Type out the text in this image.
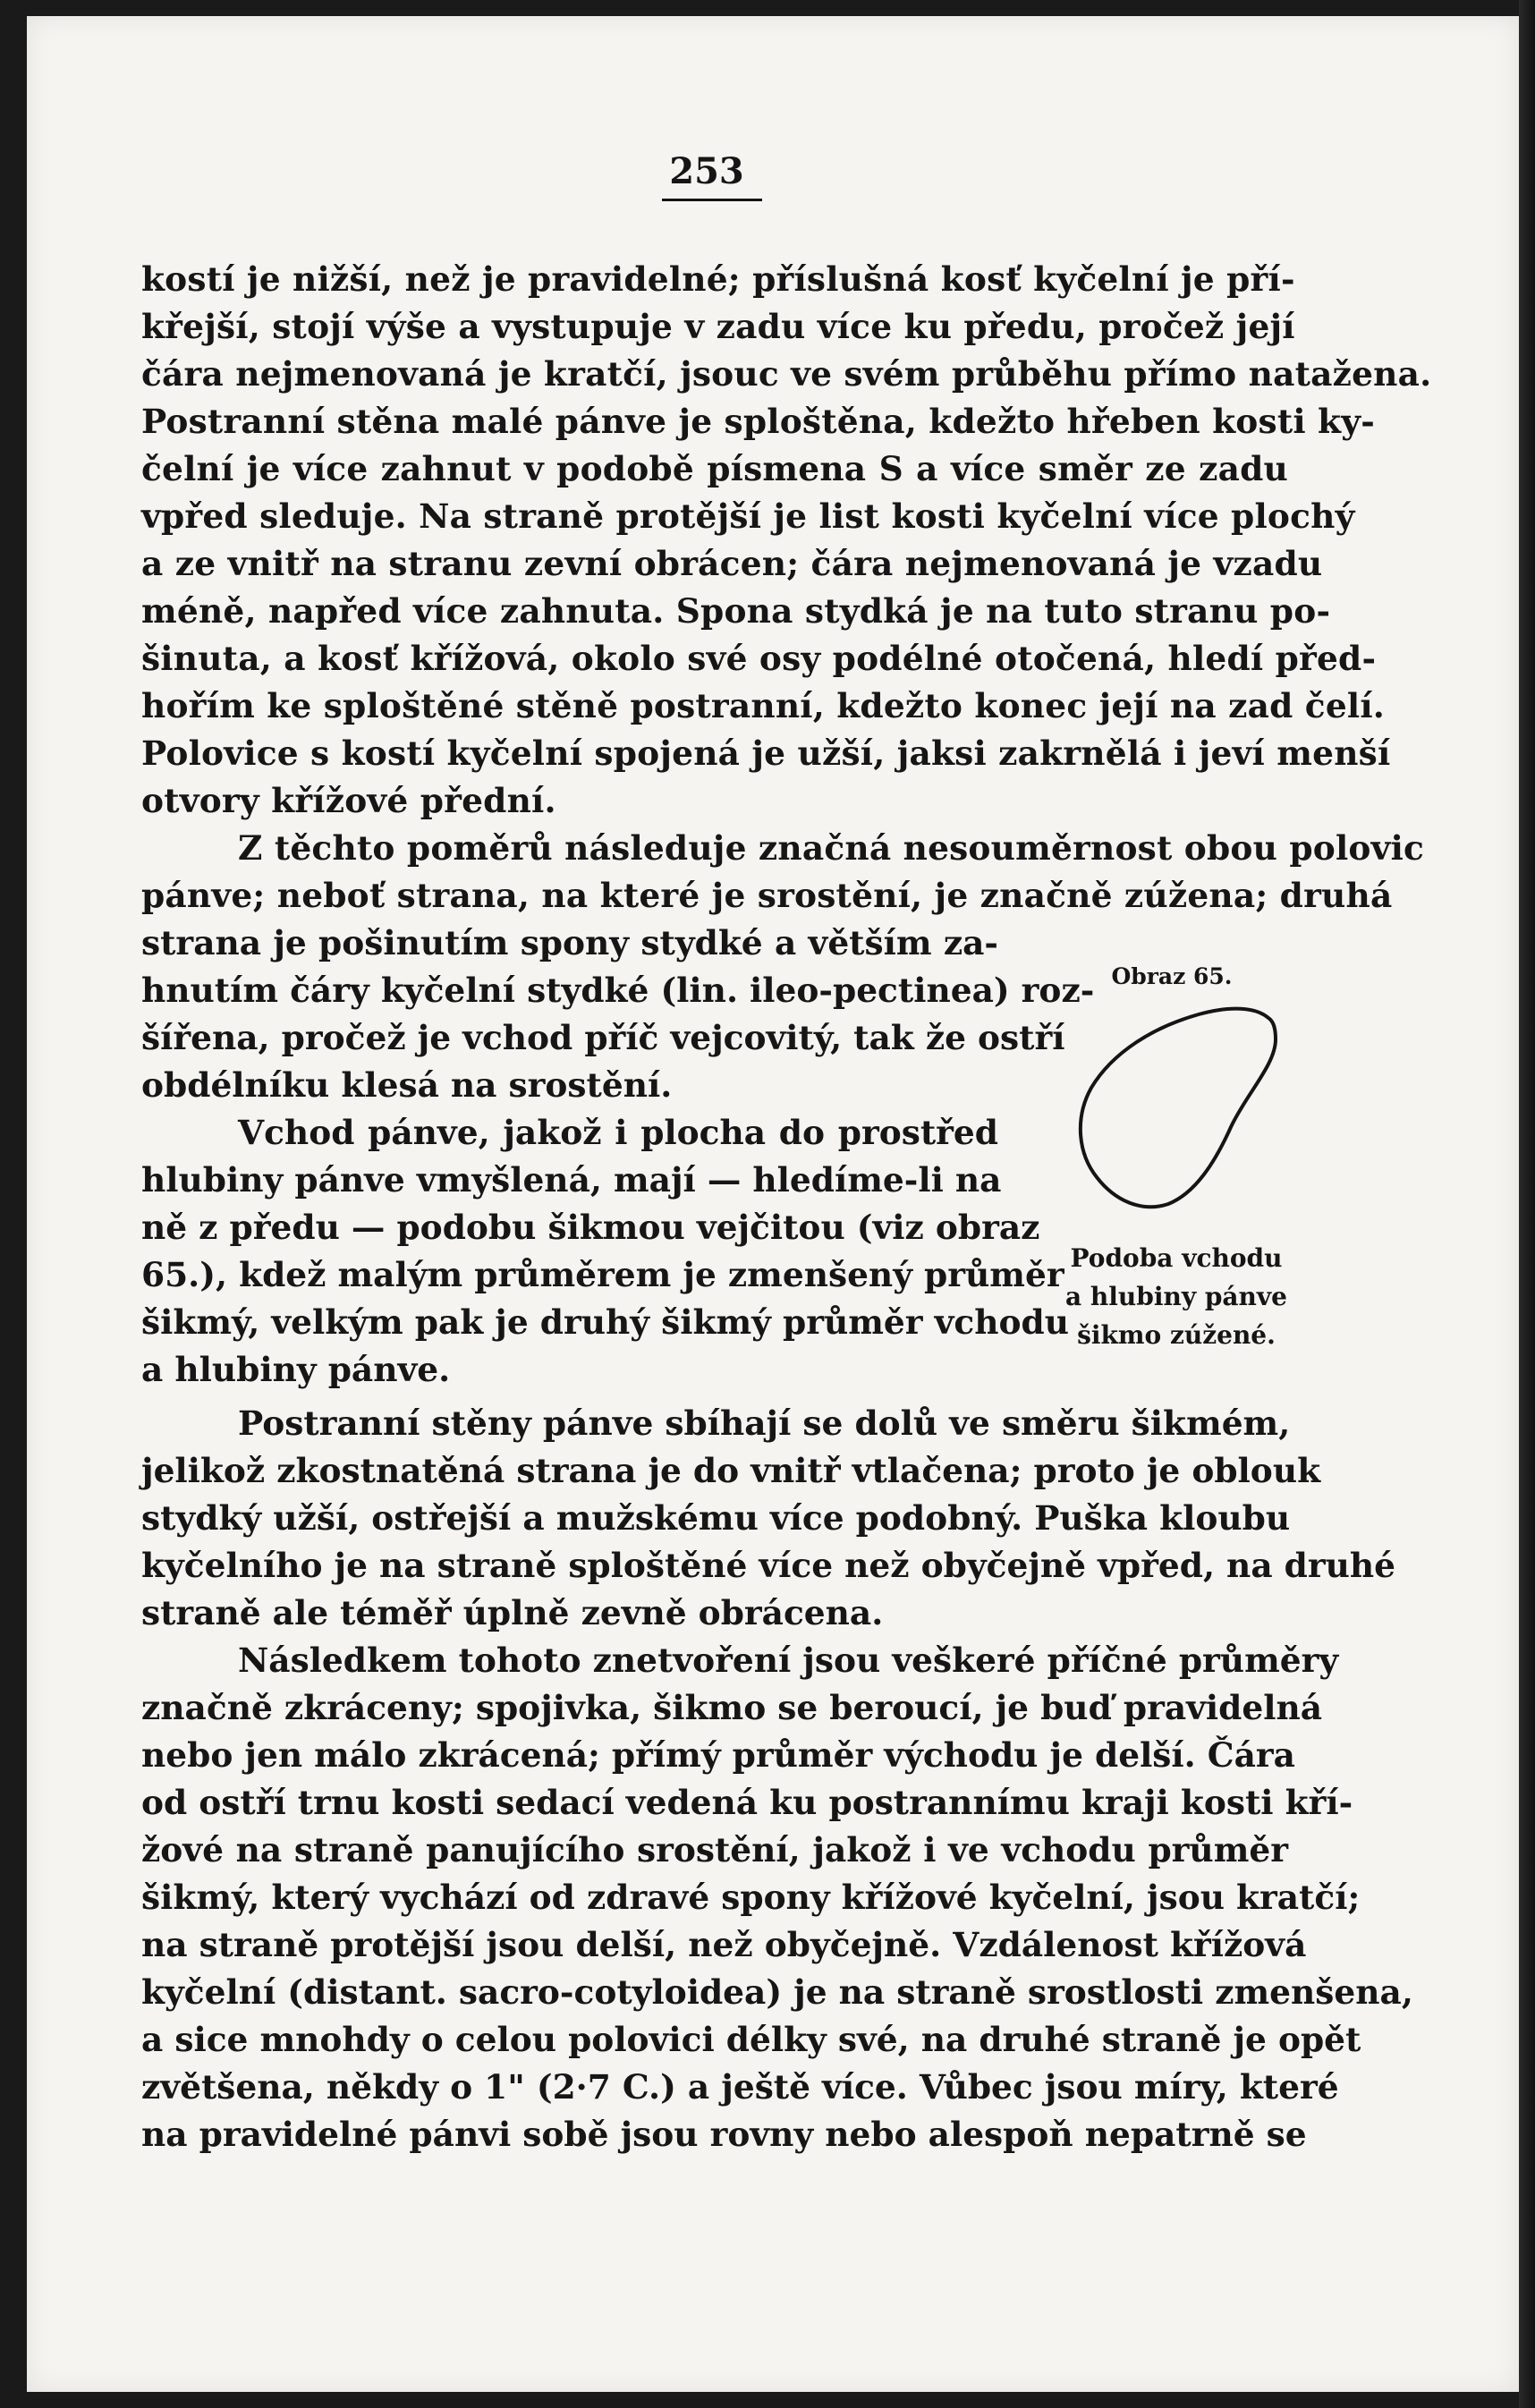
253
kostí je nižší, než je pravidelné; příslušná kosť kyčelní je pří-
křejší, stojí výše a vystupuje v zadu více ku předu, pročež její
čára nejmenovaná je kratčí, jsouc ve svém průběhu přímo natažena.
Postranní stěna malé pánve je sploštěna, kdežto hřeben kosti ky-
čelní je více zahnut v podobě písmena S a více směr ze zadu
vpřed sleduje. Na straně protější je list kosti kyčelní více plochý
a ze vnitř na stranu zevní obrácen; čára nejmenovaná je vzadu
méně, napřed více zahnuta. Spona stydká je na tuto stranu po-
šinuta, a kosť křížová, okolo své osy podélné otočená, hledí před-
hořím ke sploštěné stěně postranní, kdežto konec její na zad čelí.
Polovice s kostí kyčelní spojená je užší, jaksi zakrnělá i jeví menší
otvory křížové přední.
Z těchto poměrů následuje značná nesouměrnost obou polovic
pánve; neboť strana, na které je srostění, je značně zúžena; druhá
strana je pošinutím spony stydké a větším za-
hnutím čáry kyčelní stydké (lin. ileo-pectinea) roz-
šířena, pročež je vchod příč vejcovitý, tak že ostří
obdélníku klesá na srostění.
Vchod pánve, jakož i plocha do prostřed
hlubiny pánve vmyšlená, mají — hledíme-li na
ně z předu — podobu šikmou vejčitou (viz obraz
65.), kdež malým průměrem je zmenšený průměr
šikmý, velkým pak je druhý šikmý průměr vchodu
a hlubiny pánve.
Obraz 65.
Podoba vchodu
a hlubiny pánve
šikmo zúžené.
Postranní stěny pánve sbíhají se dolů ve směru šikmém,
jelikož zkostnatěná strana je do vnitř vtlačena; proto je oblouk
stydký užší, ostřejší a mužskému více podobný. Puška kloubu
kyčelního je na straně sploštěné více než obyčejně vpřed, na druhé
straně ale téměř úplně zevně obrácena.
Následkem tohoto znetvoření jsou veškeré příčné průměry
značně zkráceny; spojivka, šikmo se beroucí, je buď pravidelná
nebo jen málo zkrácená; přímý průměr východu je delší. Čára
od ostří trnu kosti sedací vedená ku postrannímu kraji kosti kří-
žové na straně panujícího srostění, jakož i ve vchodu průměr
šikmý, který vychází od zdravé spony křížové kyčelní, jsou kratčí;
na straně protější jsou delší, než obyčejně. Vzdálenost křížová
kyčelní (distant. sacro-cotyloidea) je na straně srostlosti zmenšena,
a sice mnohdy o celou polovici délky své, na druhé straně je opět
zvětšena, někdy o 1" (2·7 C.) a ještě více. Vůbec jsou míry, které
na pravidelné pánvi sobě jsou rovny nebo alespoň nepatrně se
